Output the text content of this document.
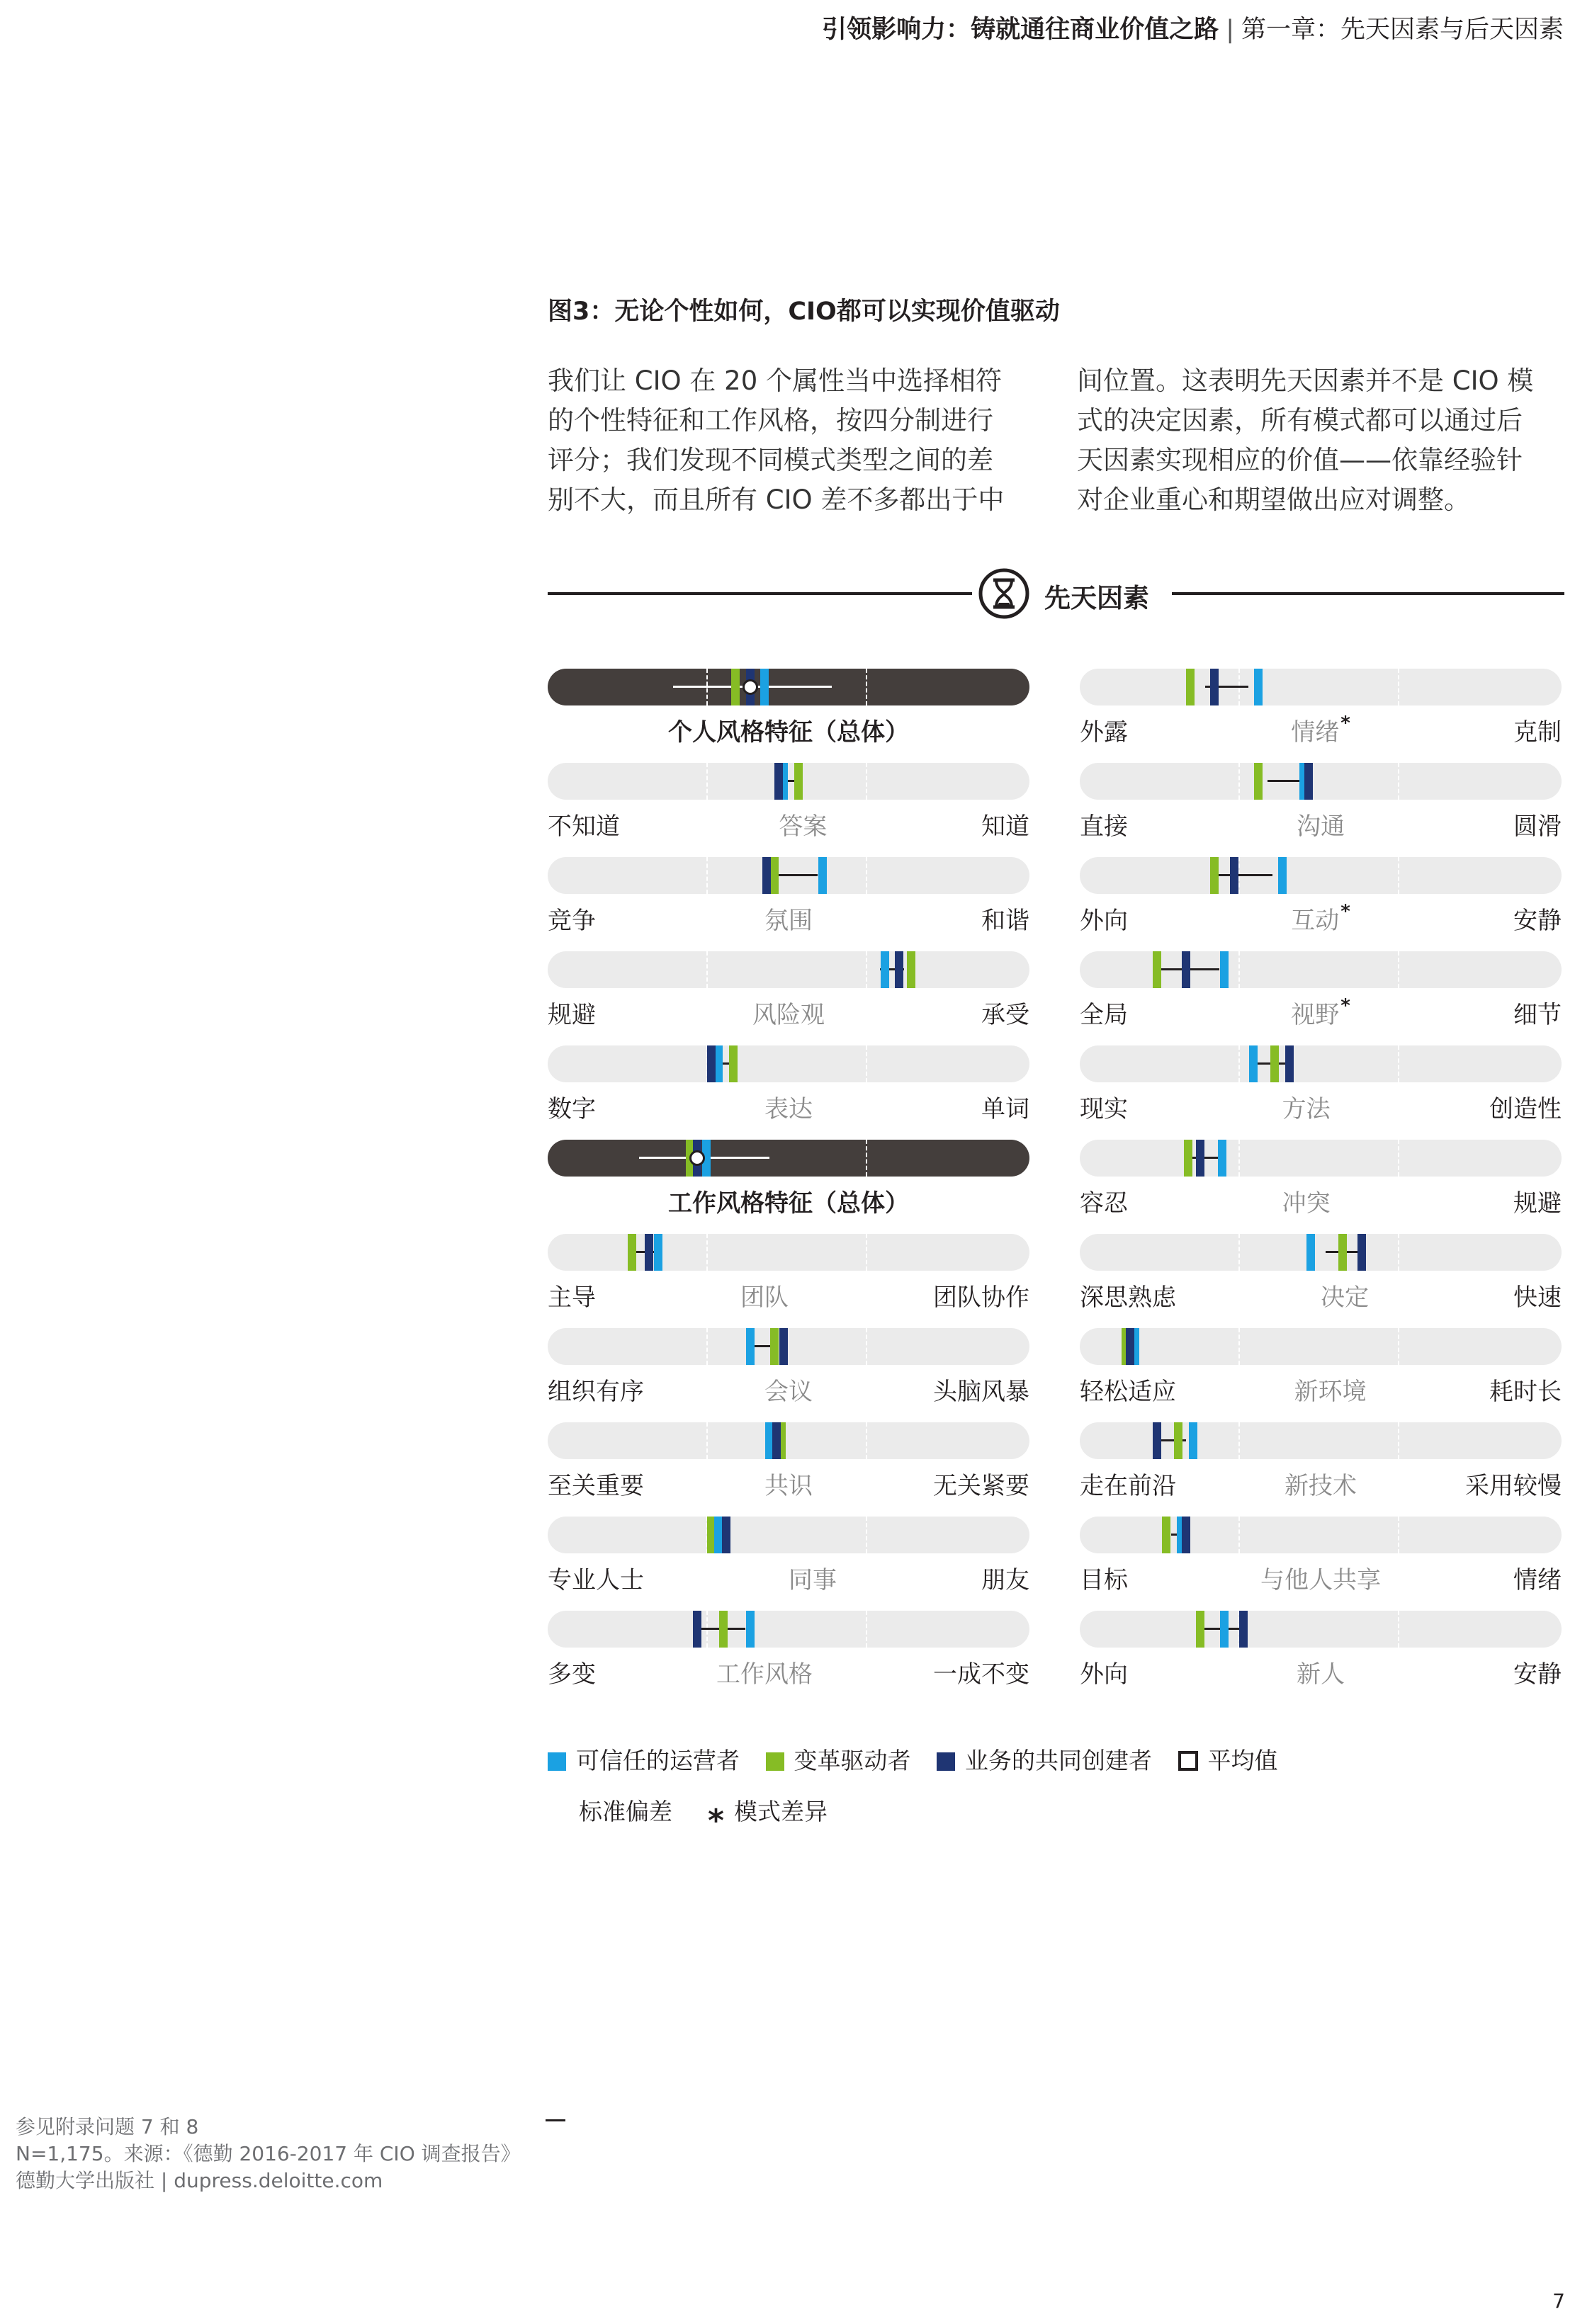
引领影响力：铸就通往商业价值之路 | 第一章：先天因素与后天因素
图3：无论个性如何，CIO都可以实现价值驱动
我们让 CIO 在 20 个属性当中选择相符
的个性特征和工作风格，按四分制进行
评分；我们发现不同模式类型之间的差
别不大，而且所有 CIO 差不多都出于中
间位置。这表明先天因素并不是 CIO 模
式的决定因素，所有模式都可以通过后
天因素实现相应的价值——依靠经验针
对企业重心和期望做出应对调整。
先天因素
个人风格特征（总体）
不知道	答案	知道
竞争	氛围	和谐
规避	风险观	承受
数字	表达	单词
工作风格特征（总体）
主导	团队	团队协作
组织有序	会议	头脑风暴
至关重要	共识	无关紧要
专业人士	同事	朋友
多变	工作风格	一成不变
外露	情绪*	克制
直接	沟通	圆滑
外向	互动*	安静
全局	视野*	细节
现实	方法	创造性
容忍	冲突	规避
深思熟虑	决定	快速
轻松适应	新环境	耗时长
走在前沿	新技术	采用较慢
目标	与他人共享	情绪
外向	新人	安静
可信任的运营者 变革驱动者 业务的共同创建者 平均值
标准偏差 * 模式差异
参见附录问题 7 和 8
N=1,175。来源：《德勤 2016-2017 年 CIO 调查报告》
德勤大学出版社 | dupress.deloitte.com
7
